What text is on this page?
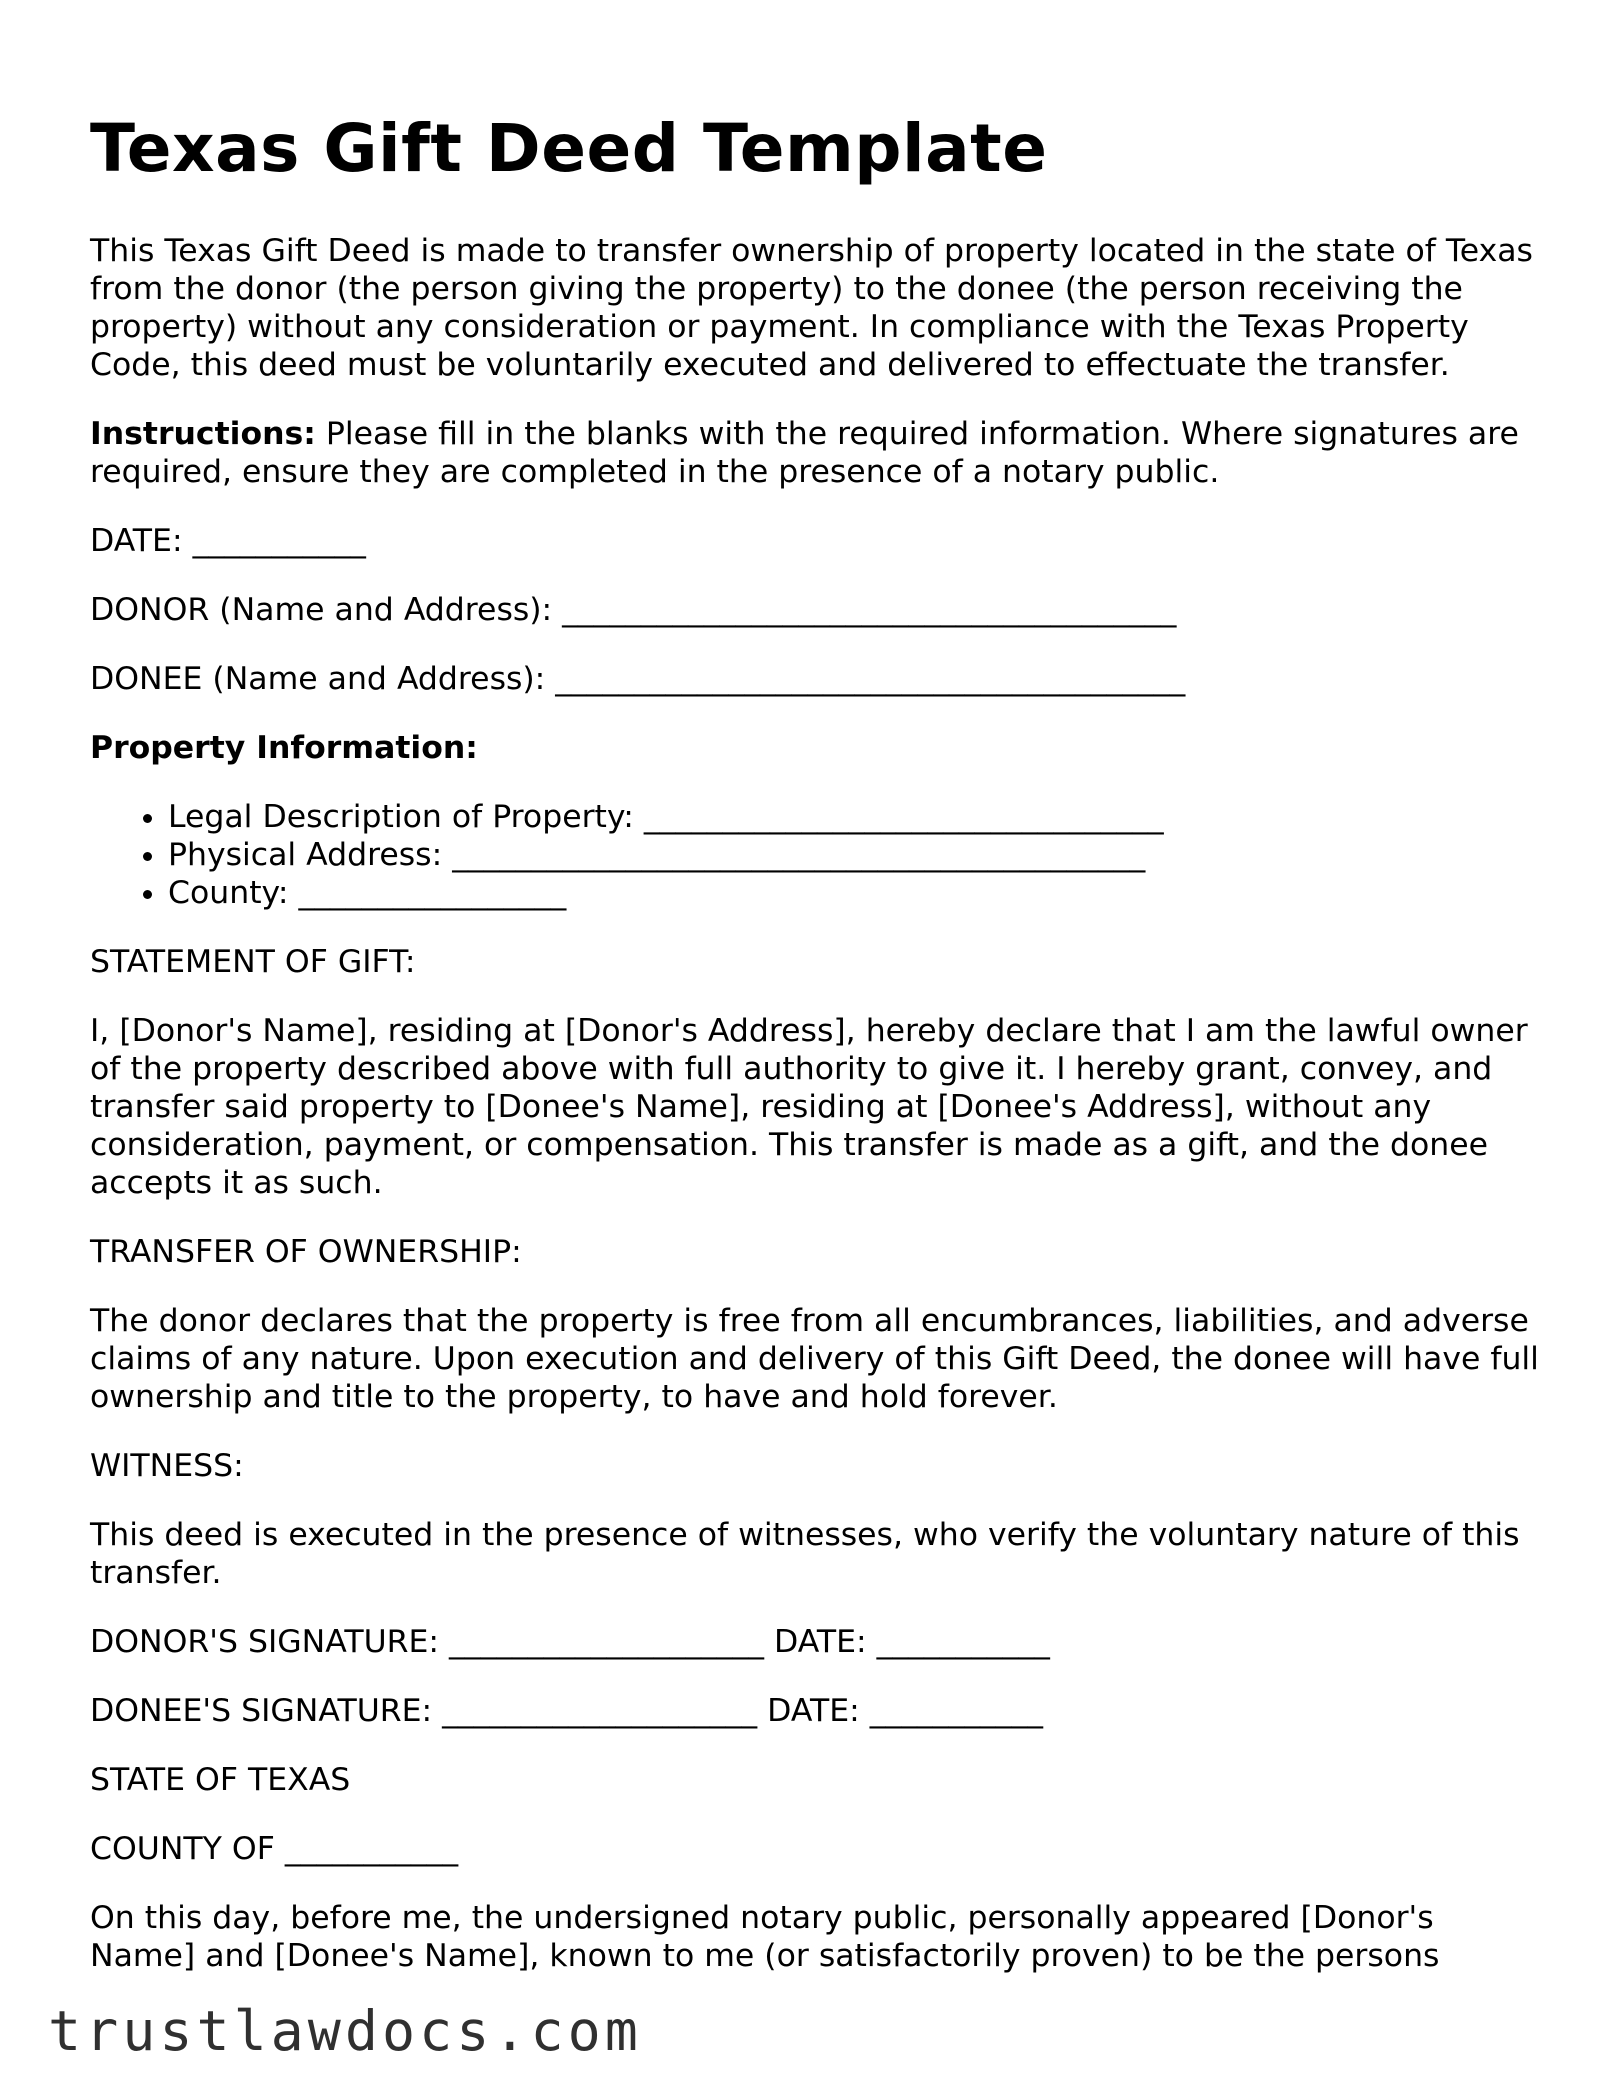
Texas Gift Deed Template

This Texas Gift Deed is made to transfer ownership of property located in the state of Texas from the donor (the person giving the property) to the donee (the person receiving the property) without any consideration or payment. In compliance with the Texas Property Code, this deed must be voluntarily executed and delivered to effectuate the transfer.

Instructions: Please fill in the blanks with the required information. Where signatures are required, ensure they are completed in the presence of a notary public.

DATE: ___________

DONOR (Name and Address): _______________________________________

DONEE (Name and Address): ________________________________________

Property Information:

• Legal Description of Property: _________________________________
• Physical Address: ____________________________________________
• County: _________________

STATEMENT OF GIFT:

I, [Donor's Name], residing at [Donor's Address], hereby declare that I am the lawful owner of the property described above with full authority to give it. I hereby grant, convey, and transfer said property to [Donee's Name], residing at [Donee's Address], without any consideration, payment, or compensation. This transfer is made as a gift, and the donee accepts it as such.

TRANSFER OF OWNERSHIP:

The donor declares that the property is free from all encumbrances, liabilities, and adverse claims of any nature. Upon execution and delivery of this Gift Deed, the donee will have full ownership and title to the property, to have and hold forever.

WITNESS:

This deed is executed in the presence of witnesses, who verify the voluntary nature of this transfer.

DONOR'S SIGNATURE: ____________________ DATE: ___________

DONEE'S SIGNATURE: ____________________ DATE: ___________

STATE OF TEXAS

COUNTY OF ___________

On this day, before me, the undersigned notary public, personally appeared [Donor's Name] and [Donee's Name], known to me (or satisfactorily proven) to be the persons

trustlawdocs.com
